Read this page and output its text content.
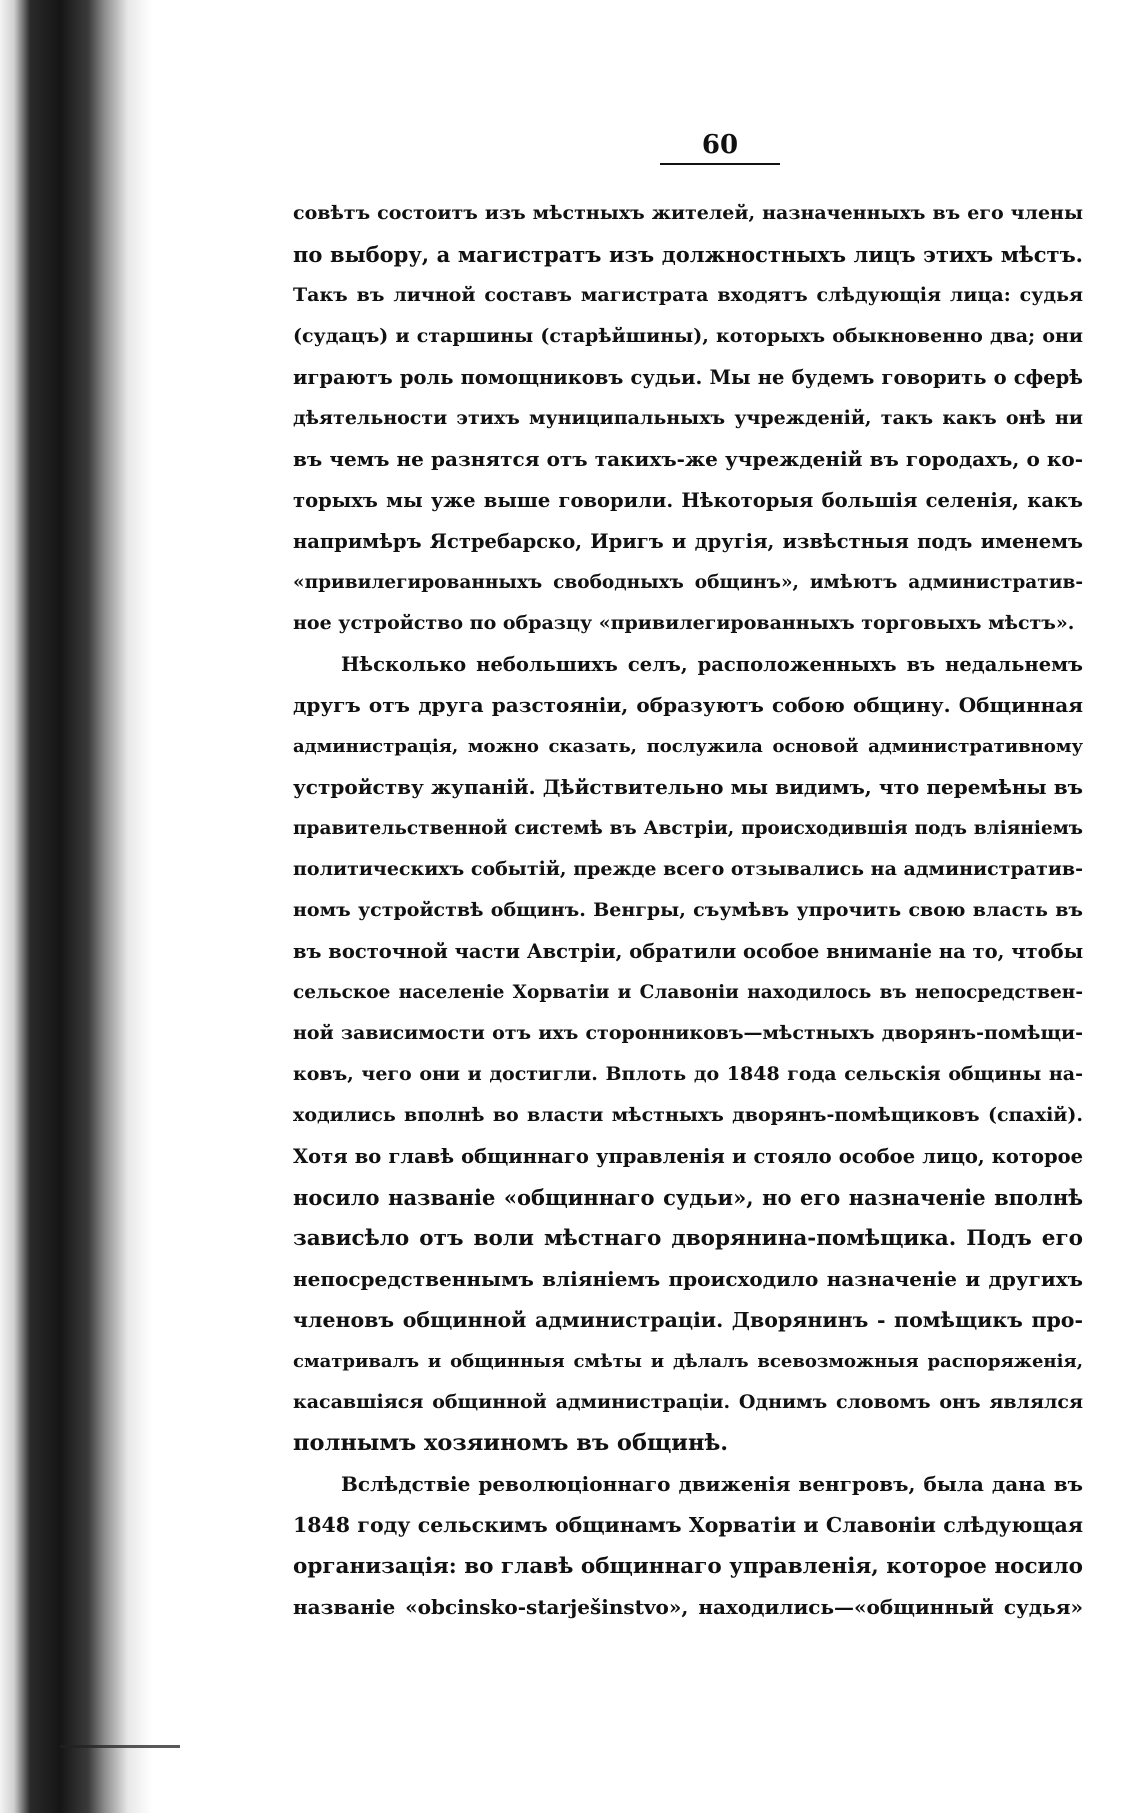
60
совѣтъ состоитъ изъ мѣстныхъ жителей, назначенныхъ въ его члены
по выбору, а магистратъ изъ должностныхъ лицъ этихъ мѣстъ.
Такъ въ личной составъ магистрата входятъ слѣдующія лица: судья
(судацъ) и старшины (старѣйшины), которыхъ обыкновенно два; они
играютъ роль помощниковъ судьи. Мы не будемъ говорить о сферѣ
дѣятельности этихъ муниципальныхъ учрежденій, такъ какъ онѣ ни
въ чемъ не разнятся отъ такихъ-же учрежденій въ городахъ, о ко-
торыхъ мы уже выше говорили. Нѣкоторыя большія селенія, какъ
напримѣръ Ястребарско, Иригъ и другія, извѣстныя подъ именемъ
«привилегированныхъ свободныхъ общинъ», имѣютъ административ-
ное устройство по образцу «привилегированныхъ торговыхъ мѣстъ».
Нѣсколько небольшихъ селъ, расположенныхъ въ недальнемъ
другъ отъ друга разстояніи, образуютъ собою общину. Общинная
администрація, можно сказать, послужила основой административному
устройству жупаній. Дѣйствительно мы видимъ, что перемѣны въ
правительственной системѣ въ Австріи, происходившія подъ вліяніемъ
политическихъ событій, прежде всего отзывались на административ-
номъ устройствѣ общинъ. Венгры, съумѣвъ упрочить свою власть въ
въ восточной части Австріи, обратили особое вниманіе на то, чтобы
сельское населеніе Хорватіи и Славоніи находилось въ непосредствен-
ной зависимости отъ ихъ сторонниковъ—мѣстныхъ дворянъ-помѣщи-
ковъ, чего они и достигли. Вплоть до 1848 года сельскія общины на-
ходились вполнѣ во власти мѣстныхъ дворянъ-помѣщиковъ (спахій).
Хотя во главѣ общиннаго управленія и стояло особое лицо, которое
носило названіе «общиннаго судьи», но его назначеніе вполнѣ
зависѣло отъ воли мѣстнаго дворянина-помѣщика. Подъ его
непосредственнымъ вліяніемъ происходило назначеніе и другихъ
членовъ общинной администраціи. Дворянинъ - помѣщикъ про-
сматривалъ и общинныя смѣты и дѣлалъ всевозможныя распоряженія,
касавшіяся общинной администраціи. Однимъ словомъ онъ являлся
полнымъ хозяиномъ въ общинѣ.
Вслѣдствіе революціоннаго движенія венгровъ, была дана въ
1848 году сельскимъ общинамъ Хорватіи и Славоніи слѣдующая
организація: во главѣ общиннаго управленія, которое носило
названіе «obcinsko-starješinstvo», находились—«общинный судья»
